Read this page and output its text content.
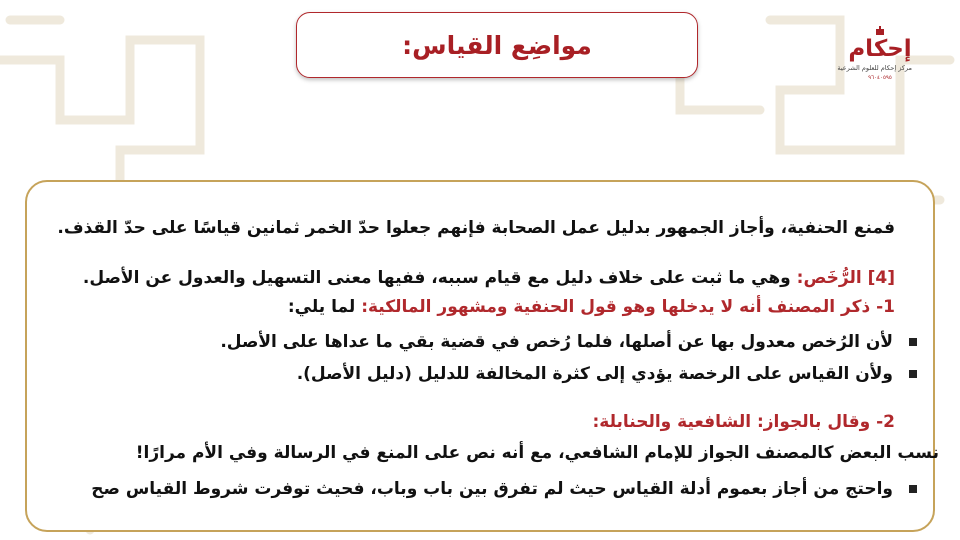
مواضِع القياس:	إحكام
مركز إحكام للعلوم الشرعية
٩٦٠٤٠٥٩٥
فمنع الحنفية، وأجاز الجمهور بدليل عمل الصحابة فإنهم جعلوا حدّ الخمر ثمانين قياسًا على حدّ القذف.
[4] الرُّخَص: وهي ما ثبت على خلاف دليل مع قيام سببه، ففيها معنى التسهيل والعدول عن الأصل.
1- ذكر المصنف أنه لا يدخلها وهو قول الحنفية ومشهور المالكية: لما يلي:
لأن الرُخص معدول بها عن أصلها، فلما رُخص في قضية بقي ما عداها على الأصل.
ولأن القياس على الرخصة يؤدي إلى كثرة المخالفة للدليل (دليل الأصل).
2- وقال بالجواز: الشافعية والحنابلة:
نسب البعض كالمصنف الجواز للإمام الشافعي، مع أنه نص على المنع في الرسالة وفي الأم مرارًا!
واحتج من أجاز بعموم أدلة القياس حيث لم تفرق بين باب وباب، فحيث توفرت شروط القياس صح
